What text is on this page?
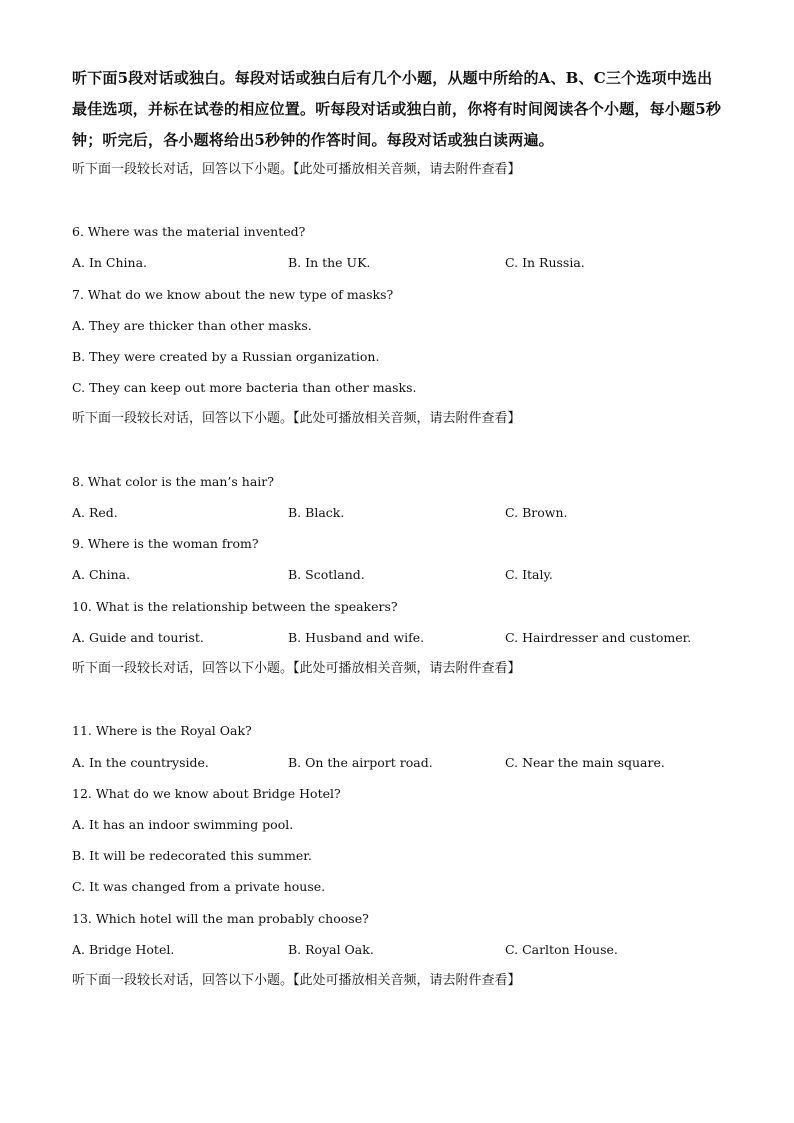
听下面5段对话或独白。每段对话或独白后有几个小题，从题中所给的A、B、C三个选项中选出最佳选项，并标在试卷的相应位置。听每段对话或独白前，你将有时间阅读各个小题，每小题5秒钟；听完后，各小题将给出5秒钟的作答时间。每段对话或独白读两遍。
听下面一段较长对话，回答以下小题。【此处可播放相关音频，请去附件查看】
6. Where was the material invented?
A. In China.	B. In the UK.	C. In Russia.
7. What do we know about the new type of masks?
A. They are thicker than other masks.
B. They were created by a Russian organization.
C. They can keep out more bacteria than other masks.
听下面一段较长对话，回答以下小题。【此处可播放相关音频，请去附件查看】
8. What color is the man’s hair?
A. Red.	B. Black.	C. Brown.
9. Where is the woman from?
A. China.	B. Scotland.	C. Italy.
10. What is the relationship between the speakers?
A. Guide and tourist.	B. Husband and wife.	C. Hairdresser and customer.
听下面一段较长对话，回答以下小题。【此处可播放相关音频，请去附件查看】
11. Where is the Royal Oak?
A. In the countryside.	B. On the airport road.	C. Near the main square.
12. What do we know about Bridge Hotel?
A. It has an indoor swimming pool.
B. It will be redecorated this summer.
C. It was changed from a private house.
13. Which hotel will the man probably choose?
A. Bridge Hotel.	B. Royal Oak.	C. Carlton House.
听下面一段较长对话，回答以下小题。【此处可播放相关音频，请去附件查看】
